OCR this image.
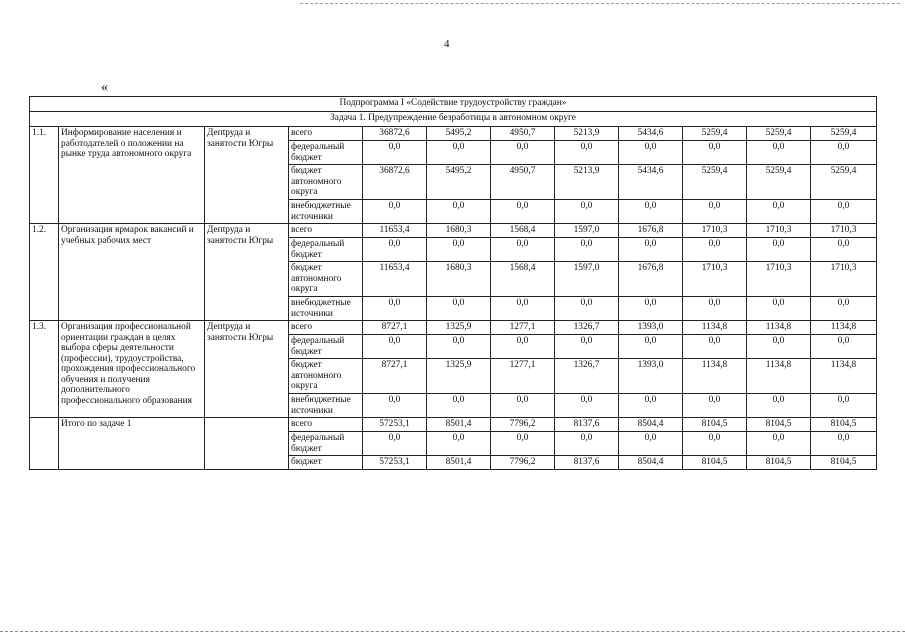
4
«
Подпрограмма I «Содействие трудоустройству граждан»											
Задача 1. Предупреждение безработицы в автономном округе											
1.1.	Информирование населения и работодателей о положении на рынке труда автономного округа	Депtруда и занятости Югры	всего	36872,6	5495,2	4950,7	5213,9	5434,6	5259,4	5259,4	5259,4
			федеральный бюджет	0,0	0,0	0,0	0,0	0,0	0,0	0,0	0,0
			бюджет автономного округа	36872,6	5495,2	4950,7	5213,9	5434,6	5259,4	5259,4	5259,4
			внебюджетные источники	0,0	0,0	0,0	0,0	0,0	0,0	0,0	0,0
1.2.	Организация ярмарок вакансий и учебных рабочих мест	Депtруда и занятости Югры	всего	11653,4	1680,3	1568,4	1597,0	1676,8	1710,3	1710,3	1710,3
			федеральный бюджет	0,0	0,0	0,0	0,0	0,0	0,0	0,0	0,0
			бюджет автономного округа	11653,4	1680,3	1568,4	1597,0	1676,8	1710,3	1710,3	1710,3
			внебюджетные источники	0,0	0,0	0,0	0,0	0,0	0,0	0,0	0,0
1.3.	Организация профессиональной ориентации граждан в целях выбора сферы деятельности (профессии), трудоустройства, прохождения профессионального обучения и получения дополнительного профессионального образования	Депtруда и занятости Югры	всего	8727,1	1325,9	1277,1	1326,7	1393,0	1134,8	1134,8	1134,8
			федеральный бюджет	0,0	0,0	0,0	0,0	0,0	0,0	0,0	0,0
			бюджет автономного округа	8727,1	1325,9	1277,1	1326,7	1393,0	1134,8	1134,8	1134,8
			внебюджетные источники	0,0	0,0	0,0	0,0	0,0	0,0	0,0	0,0
	Итого по задаче 1		всего	57253,1	8501,4	7796,2	8137,6	8504,4	8104,5	8104,5	8104,5
			федеральный бюджет	0,0	0,0	0,0	0,0	0,0	0,0	0,0	0,0
			бюджет	57253,1	8501,4	7796,2	8137,6	8504,4	8104,5	8104,5	8104,5
